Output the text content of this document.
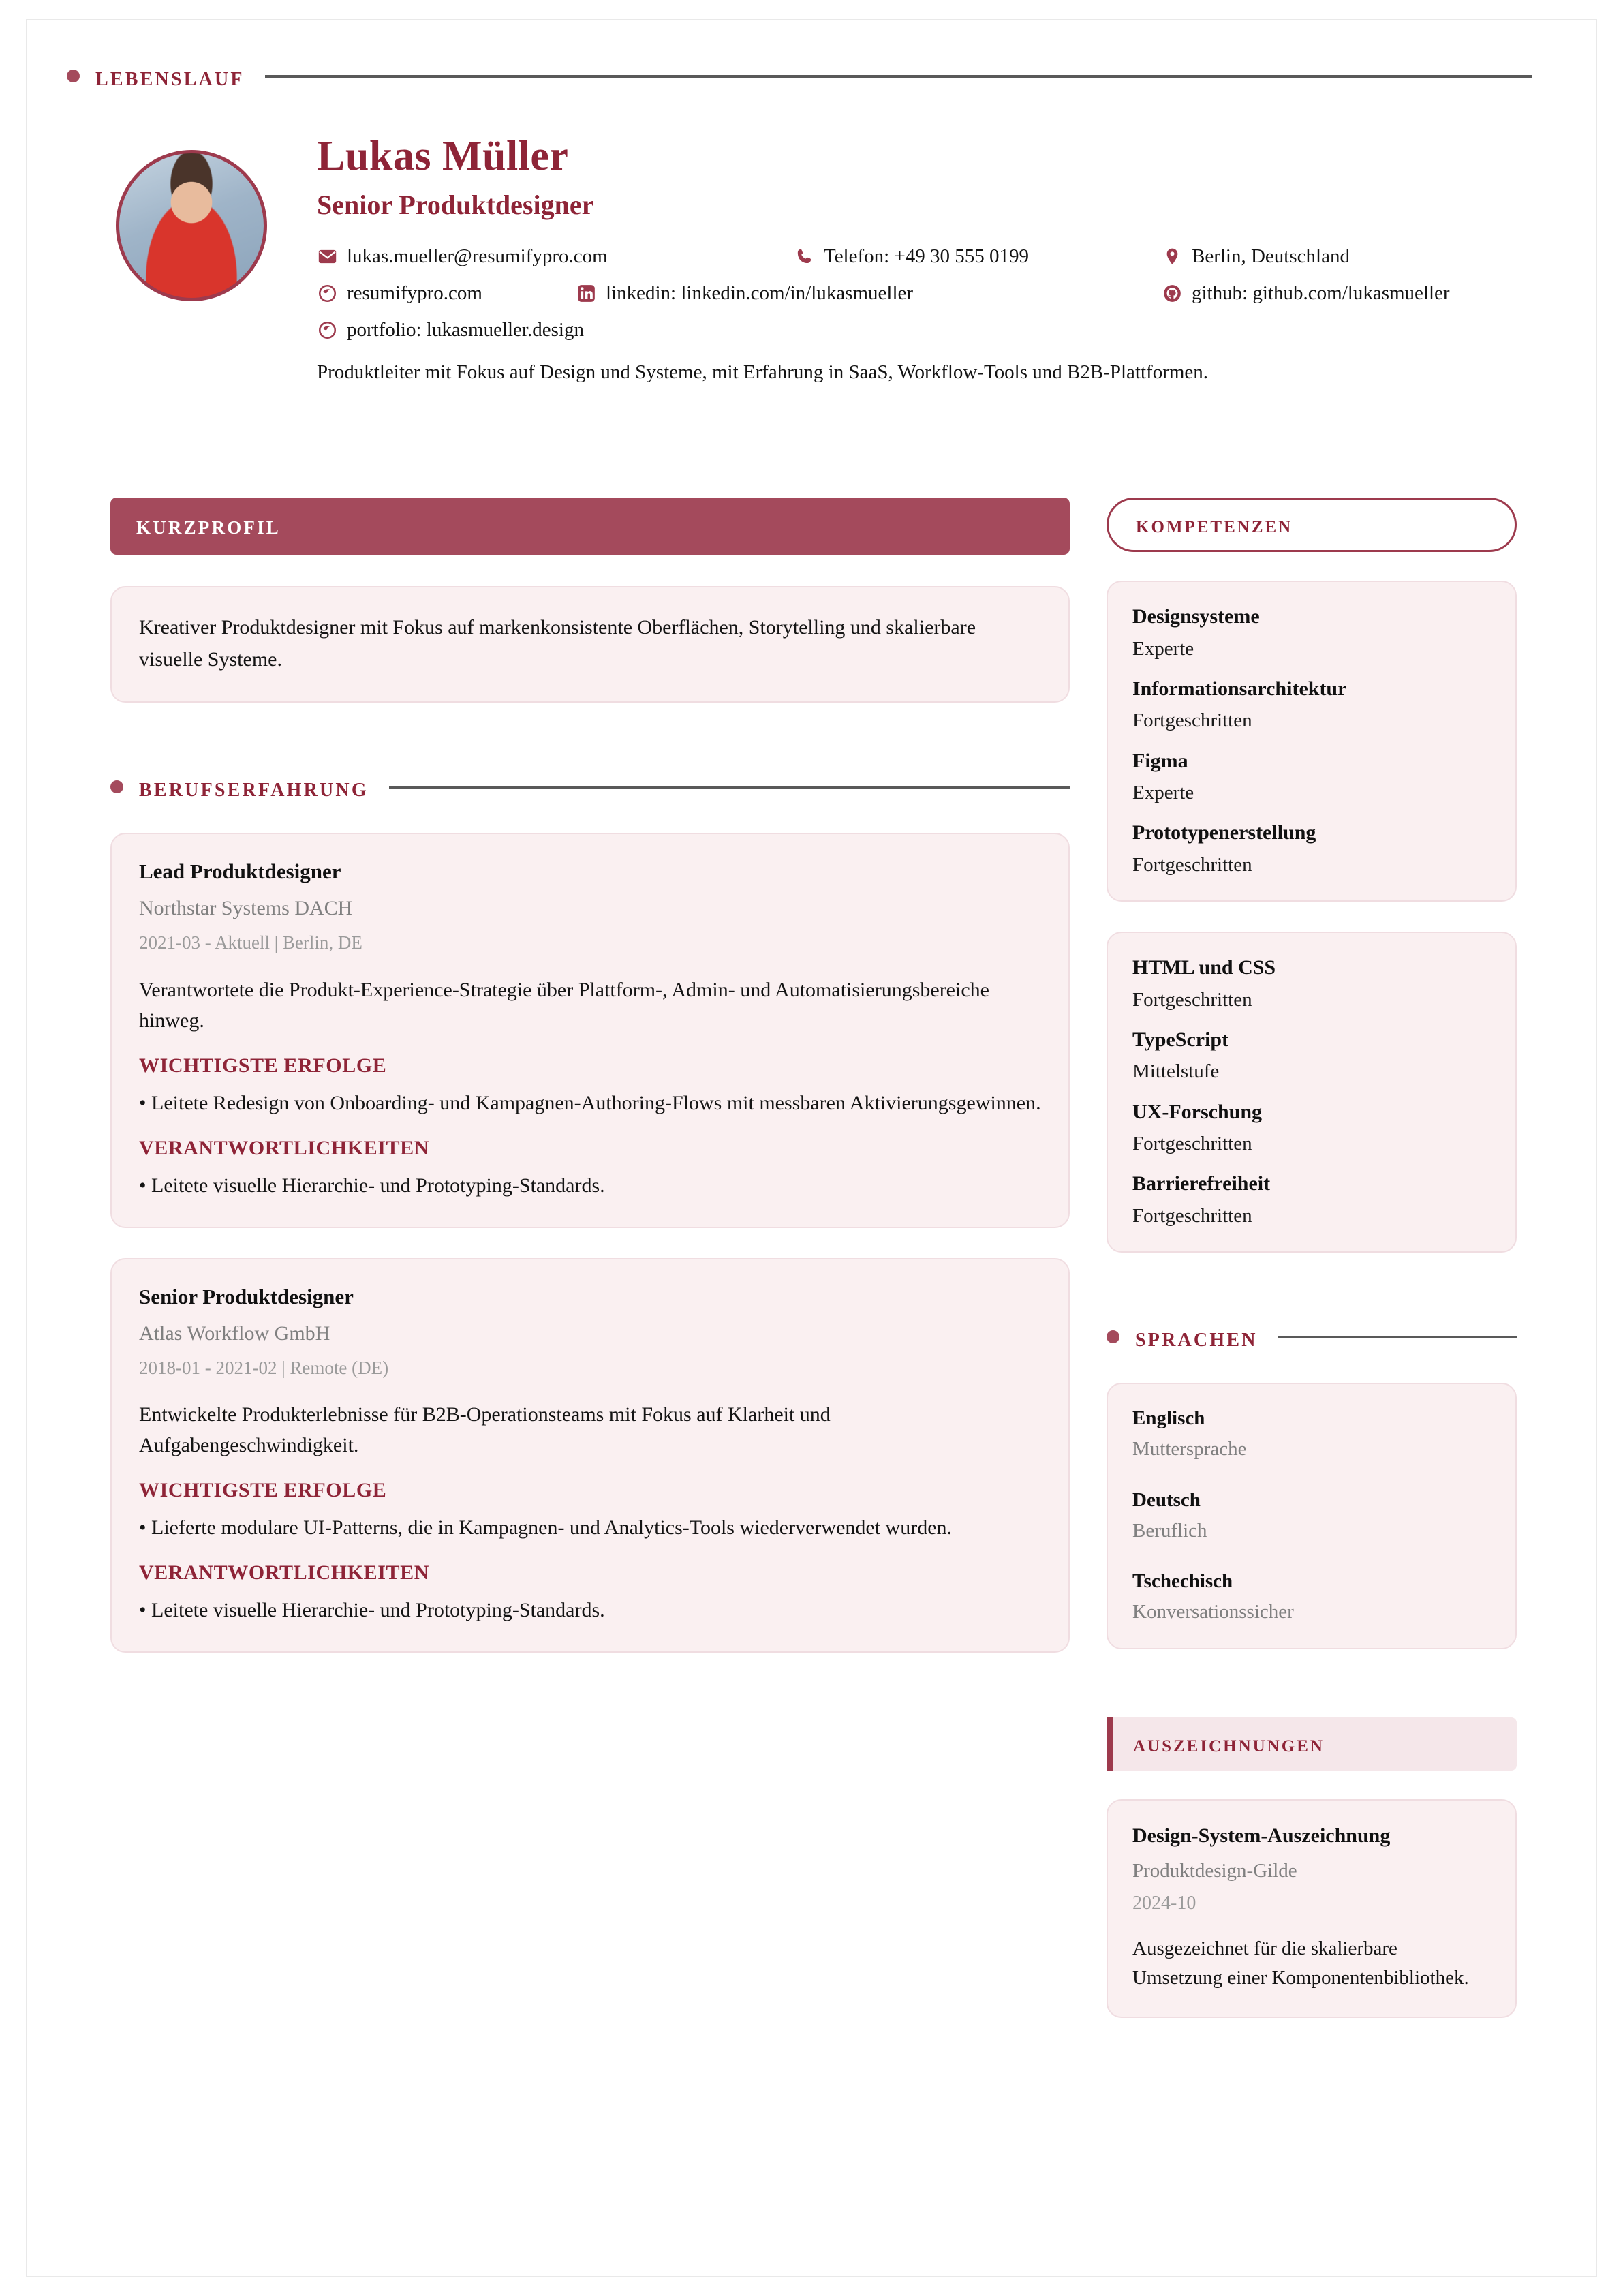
lebenslauf
Lukas Müller
Senior Produktdesigner
lukas.mueller@resumifypro.com	Telefon: +49 30 555 0199	Berlin, Deutschland
resumifypro.com	linkedin: linkedin.com/in/lukasmueller	github: github.com/lukasmueller
portfolio: lukasmueller.design
Produktleiter mit Fokus auf Design und Systeme, mit Erfahrung in SaaS, Workflow-Tools und B2B-Plattformen.
kurzprofil
Kreativer Produktdesigner mit Fokus auf markenkonsistente Oberflächen, Storytelling und skalierbare visuelle Systeme.
berufserfahrung
Lead Produktdesigner
Northstar Systems DACH
2021-03 - Aktuell | Berlin, DE
Verantwortete die Produkt-Experience-Strategie über Plattform-, Admin- und Automatisierungsbereiche hinweg.
WICHTIGSTE ERFOLGE
• Leitete Redesign von Onboarding- und Kampagnen-Authoring-Flows mit messbaren Aktivierungsgewinnen.
VERANTWORTLICHKEITEN
• Leitete visuelle Hierarchie- und Prototyping-Standards.
Senior Produktdesigner
Atlas Workflow GmbH
2018-01 - 2021-02 | Remote (DE)
Entwickelte Produkterlebnisse für B2B-Operationsteams mit Fokus auf Klarheit und Aufgabengeschwindigkeit.
WICHTIGSTE ERFOLGE
• Lieferte modulare UI-Patterns, die in Kampagnen- und Analytics-Tools wiederverwendet wurden.
VERANTWORTLICHKEITEN
• Leitete visuelle Hierarchie- und Prototyping-Standards.
kompetenzen
Designsysteme
Experte
Informationsarchitektur
Fortgeschritten
Figma
Experte
Prototypenerstellung
Fortgeschritten
HTML und CSS
Fortgeschritten
TypeScript
Mittelstufe
UX-Forschung
Fortgeschritten
Barrierefreiheit
Fortgeschritten
sprachen
Englisch
Muttersprache
Deutsch
Beruflich
Tschechisch
Konversationssicher
auszeichnungen
Design-System-Auszeichnung
Produktdesign-Gilde
2024-10
Ausgezeichnet für die skalierbare Umsetzung einer Komponentenbibliothek.
